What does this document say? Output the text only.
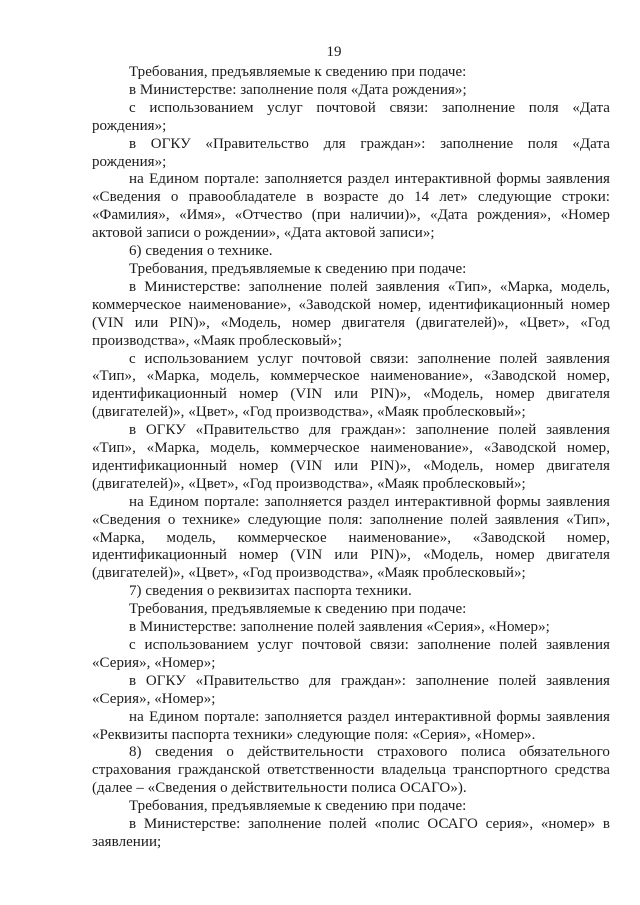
19

Требования, предъявляемые к сведению при подаче:

в Министерстве: заполнение поля «Дата рождения»;

с использованием услуг почтовой связи: заполнение поля «Дата рождения»;

в ОГКУ «Правительство для граждан»: заполнение поля «Дата рождения»;

на Едином портале: заполняется раздел интерактивной формы заявления «Сведения о правообладателе в возрасте до 14 лет» следующие строки: «Фамилия», «Имя», «Отчество (при наличии)», «Дата рождения», «Номер актовой записи о рождении», «Дата актовой записи»;

6) сведения о технике.

Требования, предъявляемые к сведению при подаче:

в Министерстве: заполнение полей заявления «Тип», «Марка, модель, коммерческое наименование», «Заводской номер, идентификационный номер (VIN или PIN)», «Модель, номер двигателя (двигателей)», «Цвет», «Год производства», «Маяк проблесковый»;

с использованием услуг почтовой связи: заполнение полей заявления «Тип», «Марка, модель, коммерческое наименование», «Заводской номер, идентификационный номер (VIN или PIN)», «Модель, номер двигателя (двигателей)», «Цвет», «Год производства», «Маяк проблесковый»;

в ОГКУ «Правительство для граждан»: заполнение полей заявления «Тип», «Марка, модель, коммерческое наименование», «Заводской номер, идентификационный номер (VIN или PIN)», «Модель, номер двигателя (двигателей)», «Цвет», «Год производства», «Маяк проблесковый»;

на Едином портале: заполняется раздел интерактивной формы заявления «Сведения о технике» следующие поля: заполнение полей заявления «Тип», «Марка, модель, коммерческое наименование», «Заводской номер, идентификационный номер (VIN или PIN)», «Модель, номер двигателя (двигателей)», «Цвет», «Год производства», «Маяк проблесковый»;

7) сведения о реквизитах паспорта техники.

Требования, предъявляемые к сведению при подаче:

в Министерстве: заполнение полей заявления «Серия», «Номер»;

с использованием услуг почтовой связи: заполнение полей заявления «Серия», «Номер»;

в ОГКУ «Правительство для граждан»: заполнение полей заявления «Серия», «Номер»;

на Едином портале: заполняется раздел интерактивной формы заявления «Реквизиты паспорта техники» следующие поля: «Серия», «Номер».

8) сведения о действительности страхового полиса обязательного страхования гражданской ответственности владельца транспортного средства (далее – «Сведения о действительности полиса ОСАГО»).

Требования, предъявляемые к сведению при подаче:

в Министерстве: заполнение полей «полис ОСАГО серия», «номер» в заявлении;
